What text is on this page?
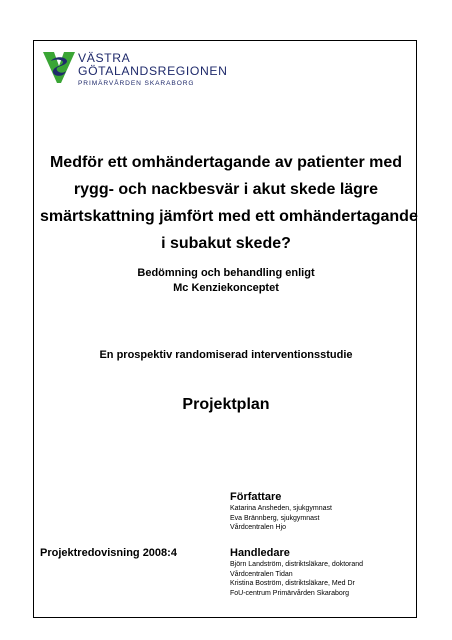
VÄSTRA
GÖTALANDSREGIONEN
PRIMÄRVÅRDEN SKARABORG
Medför ett omhändertagande av patienter med
rygg- och nackbesvär i akut skede lägre
smärtskattning jämfört med ett omhändertagande
i subakut skede?
Bedömning och behandling enligt
Mc Kenziekonceptet
En prospektiv randomiserad interventionsstudie
Projektplan
Författare
Katarina Ansheden, sjukgymnast
Eva Brännberg, sjukgymnast
Vårdcentralen Hjo
Projektredovisning 2008:4	Handledare
Björn Landström, distriktsläkare, doktorand
Vårdcentralen Tidan
Kristina Boström, distriktsläkare, Med Dr
FoU-centrum Primärvården Skaraborg
